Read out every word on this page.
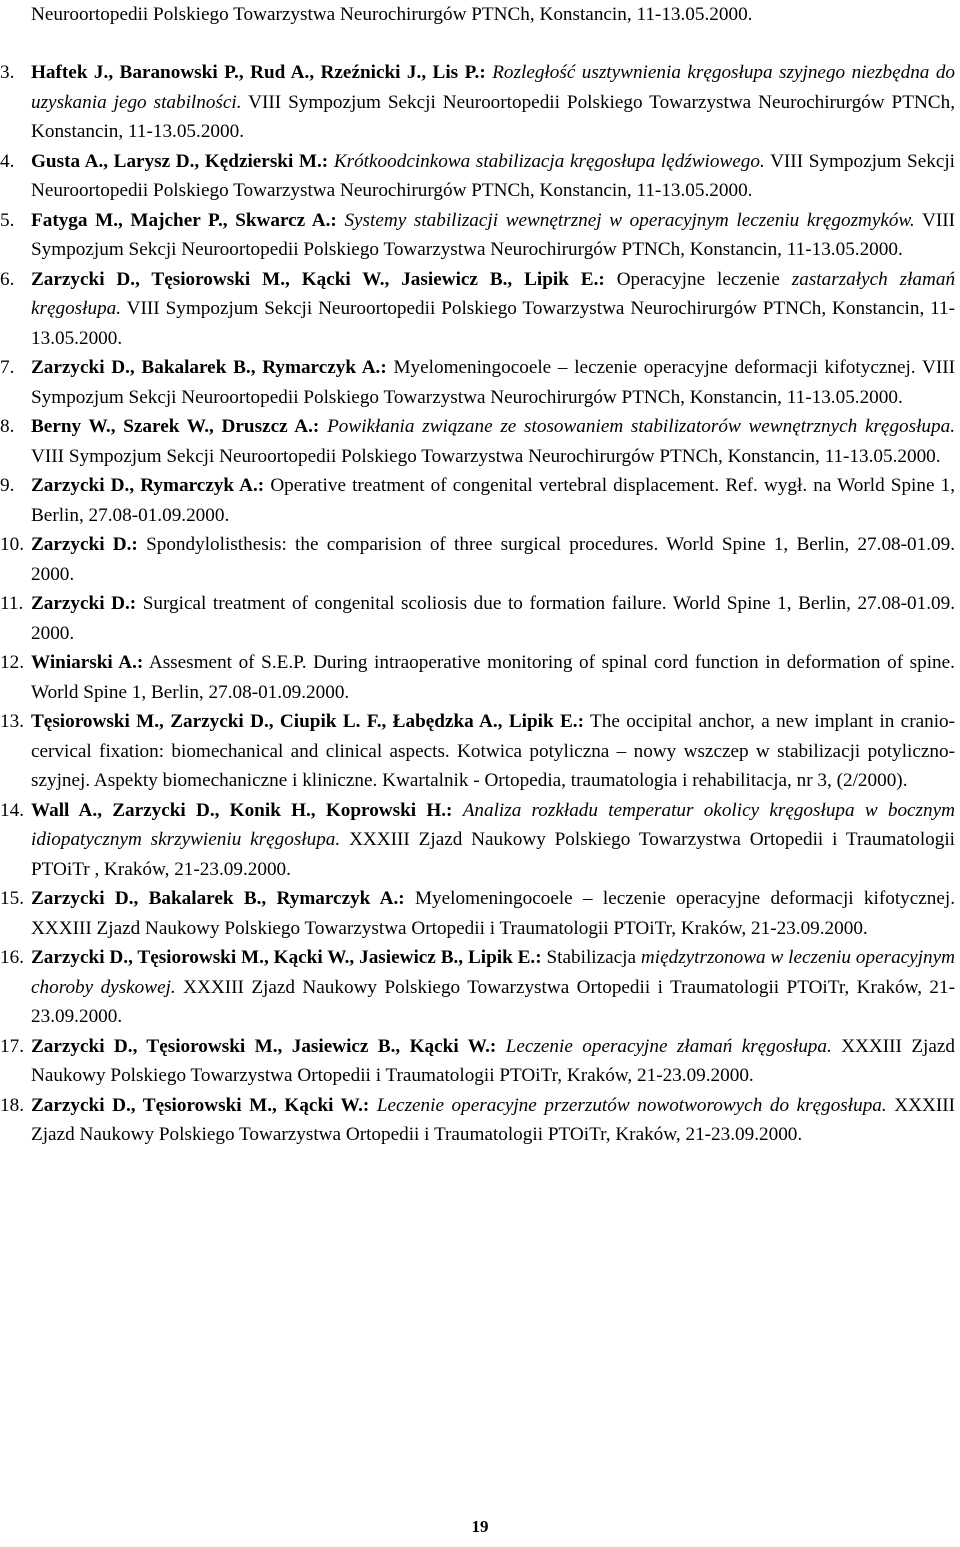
Neuroortopedii Polskiego Towarzystwa Neurochirurgów PTNCh, Konstancin, 11-13.05.2000.
3. Haftek J., Baranowski P., Rud A., Rzeźnicki J., Lis P.: Rozległość usztywnienia kręgosłupa szyjnego niezbędna do uzyskania jego stabilności. VIII Sympozjum Sekcji Neuroortopedii Polskiego Towarzystwa Neurochirurgów PTNCh, Konstancin, 11-13.05.2000.
4. Gusta A., Larysz D., Kędzierski M.: Krótkoodcinkowa stabilizacja kręgosłupa lędźwiowego. VIII Sympozjum Sekcji Neuroortopedii Polskiego Towarzystwa Neurochirurgów PTNCh, Konstancin, 11-13.05.2000.
5. Fatyga M., Majcher P., Skwarcz A.: Systemy stabilizacji wewnętrznej w operacyjnym leczeniu kręgozmyków. VIII Sympozjum Sekcji Neuroortopedii Polskiego Towarzystwa Neurochirurgów PTNCh, Konstancin, 11-13.05.2000.
6. Zarzycki D., Tęsiorowski M., Kącki W., Jasiewicz B., Lipik E.: Operacyjne leczenie zastarzałych złamań kręgosłupa. VIII Sympozjum Sekcji Neuroortopedii Polskiego Towarzystwa Neurochirurgów PTNCh, Konstancin, 11-13.05.2000.
7. Zarzycki D., Bakalarek B., Rymarczyk A.: Myelomeningocoele – leczenie operacyjne deformacji kifotycznej. VIII Sympozjum Sekcji Neuroortopedii Polskiego Towarzystwa Neurochirurgów PTNCh, Konstancin, 11-13.05.2000.
8. Berny W., Szarek W., Druszcz A.: Powikłania związane ze stosowaniem stabilizatorów wewnętrznych kręgosłupa. VIII Sympozjum Sekcji Neuroortopedii Polskiego Towarzystwa Neurochirurgów PTNCh, Konstancin, 11-13.05.2000.
9. Zarzycki D., Rymarczyk A.: Operative treatment of congenital vertebral displacement. Ref. wygł. na World Spine 1, Berlin, 27.08-01.09.2000.
10. Zarzycki D.: Spondylolisthesis: the comparision of three surgical procedures. World Spine 1, Berlin, 27.08-01.09. 2000.
11. Zarzycki D.: Surgical treatment of congenital scoliosis due to formation failure. World Spine 1, Berlin, 27.08-01.09. 2000.
12. Winiarski A.: Assesment of S.E.P. During intraoperative monitoring of spinal cord function in deformation of spine. World Spine 1, Berlin, 27.08-01.09.2000.
13. Tęsiorowski M., Zarzycki D., Ciupik L. F., Łabędzka A., Lipik E.: The occipital anchor, a new implant in cranio-cervical fixation: biomechanical and clinical aspects. Kotwica potyliczna – nowy wszczep w stabilizacji potyliczno-szyjnej. Aspekty biomechaniczne i kliniczne. Kwartalnik - Ortopedia, traumatologia i rehabilitacja, nr 3, (2/2000).
14. Wall A., Zarzycki D., Konik H., Koprowski H.: Analiza rozkładu temperatur okolicy kręgosłupa w bocznym idiopatycznym skrzywieniu kręgosłupa. XXXIII Zjazd Naukowy Polskiego Towarzystwa Ortopedii i Traumatologii PTOiTr , Kraków, 21-23.09.2000.
15. Zarzycki D., Bakalarek B., Rymarczyk A.: Myelomeningocoele – leczenie operacyjne deformacji kifotycznej. XXXIII Zjazd Naukowy Polskiego Towarzystwa Ortopedii i Traumatologii PTOiTr, Kraków, 21-23.09.2000.
16. Zarzycki D., Tęsiorowski M., Kącki W., Jasiewicz B., Lipik E.: Stabilizacja międzytrzonowa w leczeniu operacyjnym choroby dyskowej. XXXIII Zjazd Naukowy Polskiego Towarzystwa Ortopedii i Traumatologii PTOiTr, Kraków, 21-23.09.2000.
17. Zarzycki D., Tęsiorowski M., Jasiewicz B., Kącki W.: Leczenie operacyjne złamań kręgosłupa. XXXIII Zjazd Naukowy Polskiego Towarzystwa Ortopedii i Traumatologii PTOiTr, Kraków, 21-23.09.2000.
18. Zarzycki D., Tęsiorowski M., Kącki W.: Leczenie operacyjne przerzutów nowotworowych do kręgosłupa. XXXIII Zjazd Naukowy Polskiego Towarzystwa Ortopedii i Traumatologii PTOiTr, Kraków, 21-23.09.2000.
19
